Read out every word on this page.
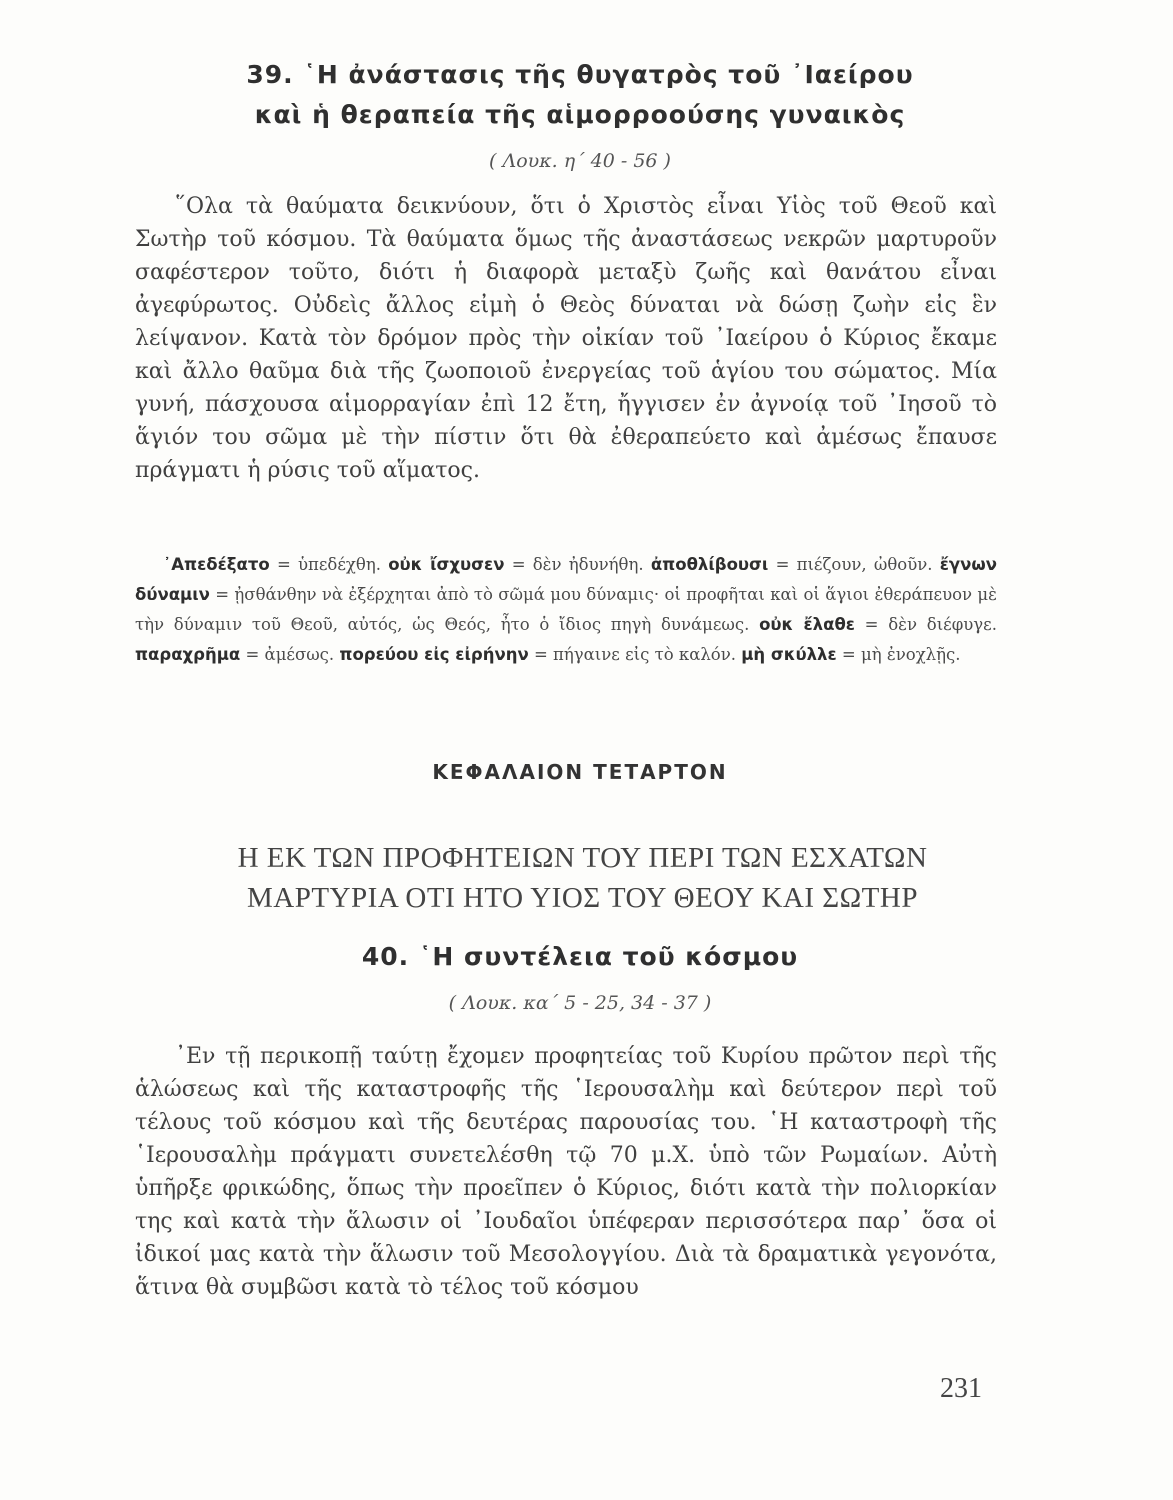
39. ῾Η ἀνάστασις τῆς θυγατρὸς τοῦ ᾿Ιαείρου
καὶ ἡ θεραπεία τῆς αἱμορροούσης γυναικὸς
( Λουκ. η΄ 40 - 56 )

῞Ολα τὰ θαύματα δεικνύουν, ὅτι ὁ Χριστὸς εἶναι Υἱὸς τοῦ Θεοῦ καὶ Σωτὴρ τοῦ κόσμου. Τὰ θαύματα ὅμως τῆς ἀναστάσεως νεκρῶν μαρτυροῦν σαφέστερον τοῦτο, διότι ἡ διαφορὰ μεταξὺ ζωῆς καὶ θανάτου εἶναι ἀγεφύρωτος. Οὐδεὶς ἄλλος εἰμὴ ὁ Θεὸς δύναται νὰ δώσῃ ζωὴν εἰς ἓν λείψανον. Κατὰ τὸν δρόμον πρὸς τὴν οἰκίαν τοῦ ᾿Ιαείρου ὁ Κύριος ἔκαμε καὶ ἄλλο θαῦμα διὰ τῆς ζωοποιοῦ ἐνεργείας τοῦ ἁγίου του σώματος. Μία γυνή, πάσχουσα αἱμορραγίαν ἐπὶ 12 ἔτη, ἤγγισεν ἐν ἀγνοίᾳ τοῦ ᾿Ιησοῦ τὸ ἅγιόν του σῶμα μὲ τὴν πίστιν ὅτι θὰ ἐθεραπεύετο καὶ ἀμέσως ἔπαυσε πράγματι ἡ ρύσις τοῦ αἵματος.

᾿Απεδέξατο = ὑπεδέχθη. οὐκ ἴσχυσεν = δὲν ἠδυνήθη. ἀποθλίβουσι = πιέζουν, ὠθοῦν. ἔγνων δύναμιν = ᾐσθάνθην νὰ ἐξέρχηται ἀπὸ τὸ σῶμά μου δύναμις· οἱ προφῆται καὶ οἱ ἅγιοι ἐθεράπευον μὲ τὴν δύναμιν τοῦ Θεοῦ, αὐτός, ὡς Θεός, ἦτο ὁ ἴδιος πηγὴ δυνάμεως. οὐκ ἔλαθε = δὲν διέφυγε. παραχρῆμα = ἀμέσως. πορεύου εἰς εἰρήνην = πήγαινε εἰς τὸ καλόν. μὴ σκύλλε = μὴ ἐνοχλῇς.

ΚΕΦΑΛΑΙΟΝ ΤΕΤΑΡΤΟΝ
Η ΕΚ ΤΩΝ ΠΡΟΦΗΤΕΙΩΝ ΤΟΥ ΠΕΡΙ ΤΩΝ ΕΣΧΑΤΩΝ
ΜΑΡΤΥΡΙΑ ΟΤΙ ΗΤΟ ΥΙΟΣ ΤΟΥ ΘΕΟΥ ΚΑΙ ΣΩΤΗΡ
40. ῾Η συντέλεια τοῦ κόσμου
( Λουκ. κα΄ 5 - 25, 34 - 37 )

᾿Εν τῇ περικοπῇ ταύτῃ ἔχομεν προφητείας τοῦ Κυρίου πρῶτον περὶ τῆς ἁλώσεως καὶ τῆς καταστροφῆς τῆς ῾Ιερουσαλὴμ καὶ δεύτερον περὶ τοῦ τέλους τοῦ κόσμου καὶ τῆς δευτέρας παρουσίας του. ῾Η καταστροφὴ τῆς ῾Ιερουσαλὴμ πράγματι συνετελέσθη τῷ 70 μ.Χ. ὑπὸ τῶν Ρωμαίων. Αὐτὴ ὑπῆρξε φρικώδης, ὅπως τὴν προεῖπεν ὁ Κύριος, διότι κατὰ τὴν πολιορκίαν της καὶ κατὰ τὴν ἅλωσιν οἱ ᾿Ιουδαῖοι ὑπέφεραν περισσότερα παρ᾿ ὅσα οἱ ἰδικοί μας κατὰ τὴν ἅλωσιν τοῦ Μεσολογγίου. Διὰ τὰ δραματικὰ γεγονότα, ἅτινα θὰ συμβῶσι κατὰ τὸ τέλος τοῦ κόσμου

231
